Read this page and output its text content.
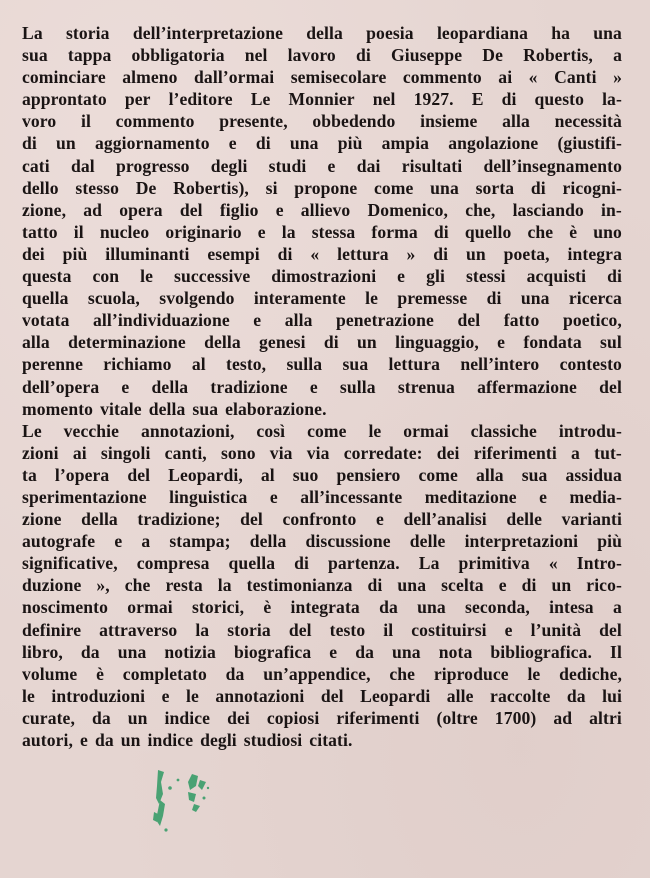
La storia dell’interpretazione della poesia leopardiana ha una
sua tappa obbligatoria nel lavoro di Giuseppe De Robertis, a
cominciare almeno dall’ormai semisecolare commento ai « Canti »
approntato per l’editore Le Monnier nel 1927. E di questo la-
voro il commento presente, obbedendo insieme alla necessità
di un aggiornamento e di una più ampia angolazione (giustifi-
cati dal progresso degli studi e dai risultati dell’insegnamento
dello stesso De Robertis), si propone come una sorta di ricogni-
zione, ad opera del figlio e allievo Domenico, che, lasciando in-
tatto il nucleo originario e la stessa forma di quello che è uno
dei più illuminanti esempi di « lettura » di un poeta, integra
questa con le successive dimostrazioni e gli stessi acquisti di
quella scuola, svolgendo interamente le premesse di una ricerca
votata all’individuazione e alla penetrazione del fatto poetico,
alla determinazione della genesi di un linguaggio, e fondata sul
perenne richiamo al testo, sulla sua lettura nell’intero contesto
dell’opera e della tradizione e sulla strenua affermazione del
momento vitale della sua elaborazione.
Le vecchie annotazioni, così come le ormai classiche introdu-
zioni ai singoli canti, sono via via corredate: dei riferimenti a tut-
ta l’opera del Leopardi, al suo pensiero come alla sua assidua
sperimentazione linguistica e all’incessante meditazione e media-
zione della tradizione; del confronto e dell’analisi delle varianti
autografe e a stampa; della discussione delle interpretazioni più
significative, compresa quella di partenza. La primitiva « Intro-
duzione », che resta la testimonianza di una scelta e di un rico-
noscimento ormai storici, è integrata da una seconda, intesa a
definire attraverso la storia del testo il costituirsi e l’unità del
libro, da una notizia biografica e da una nota bibliografica. Il
volume è completato da un’appendice, che riproduce le dediche,
le introduzioni e le annotazioni del Leopardi alle raccolte da lui
curate, da un indice dei copiosi riferimenti (oltre 1700) ad altri
autori, e da un indice degli studiosi citati.
